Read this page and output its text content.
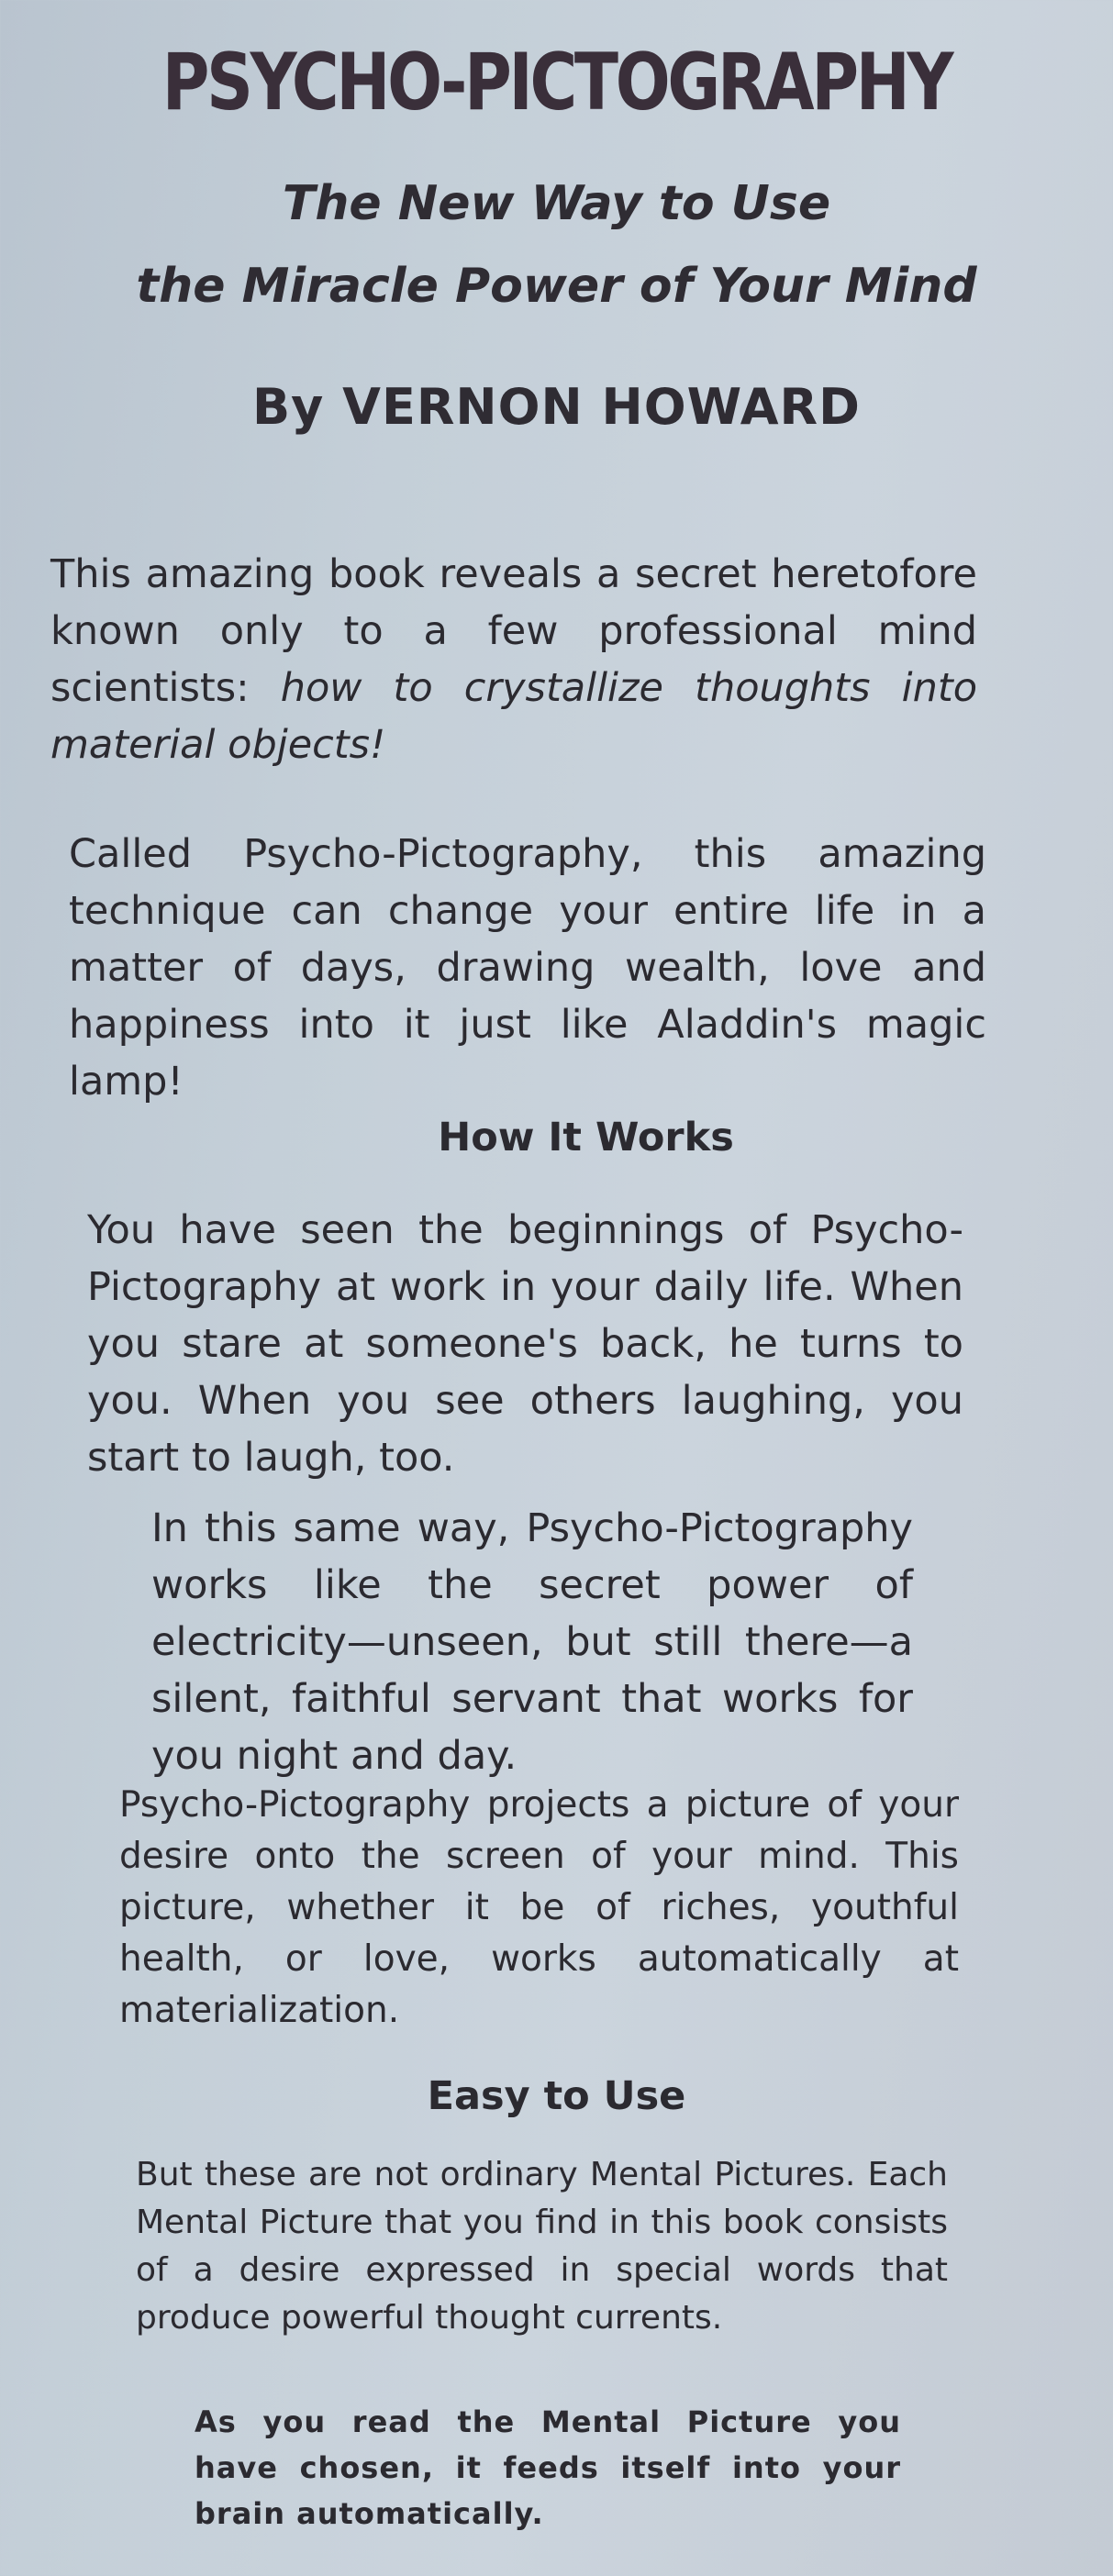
PSYCHO-PICTOGRAPHY
The New Way to Use
the Miracle Power of Your Mind
By VERNON HOWARD
This amazing book reveals a secret heretofore known only to a few professional mind scientists: how to crystallize thoughts into material objects!
Called Psycho-Pictography, this amazing technique can change your entire life in a matter of days, drawing wealth, love and happiness into it just like Aladdin's magic lamp!
How It Works
You have seen the beginnings of Psycho-Pictography at work in your daily life. When you stare at someone's back, he turns to you. When you see others laughing, you start to laugh, too.
In this same way, Psycho-Pictography works like the secret power of electricity—unseen, but still there—a silent, faithful servant that works for you night and day.
Psycho-Pictography projects a picture of your desire onto the screen of your mind. This picture, whether it be of riches, youthful health, or love, works automatically at materialization.
Easy to Use
But these are not ordinary Mental Pictures. Each Mental Picture that you find in this book consists of a desire expressed in special words that produce powerful thought currents.
As you read the Mental Picture you have chosen, it feeds itself into your brain automatically.
